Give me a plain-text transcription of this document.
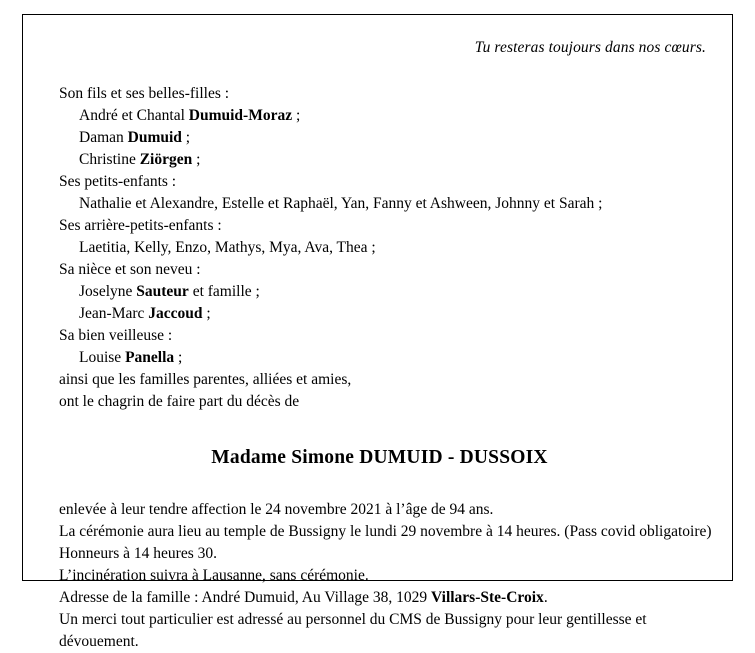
Tu resteras toujours dans nos cœurs.
Son fils et ses belles-filles :
André et Chantal Dumuid-Moraz ;
Daman Dumuid ;
Christine Ziörgen ;
Ses petits-enfants :
Nathalie et Alexandre, Estelle et Raphaël, Yan, Fanny et Ashween, Johnny et Sarah ;
Ses arrière-petits-enfants :
Laetitia, Kelly, Enzo, Mathys, Mya, Ava, Thea ;
Sa nièce et son neveu :
Joselyne Sauteur et famille ;
Jean-Marc Jaccoud ;
Sa bien veilleuse :
Louise Panella ;
ainsi que les familles parentes, alliées et amies,
ont le chagrin de faire part du décès de
Madame Simone DUMUID - DUSSOIX
enlevée à leur tendre affection le 24 novembre 2021 à l’âge de 94 ans.
La cérémonie aura lieu au temple de Bussigny le lundi 29 novembre à 14 heures. (Pass covid obligatoire)
Honneurs à 14 heures 30.
L’incinération suivra à Lausanne, sans cérémonie.
Adresse de la famille : André Dumuid, Au Village 38, 1029 Villars-Ste-Croix.
Un merci tout particulier est adressé au personnel du CMS de Bussigny pour leur gentillesse et dévouement.
